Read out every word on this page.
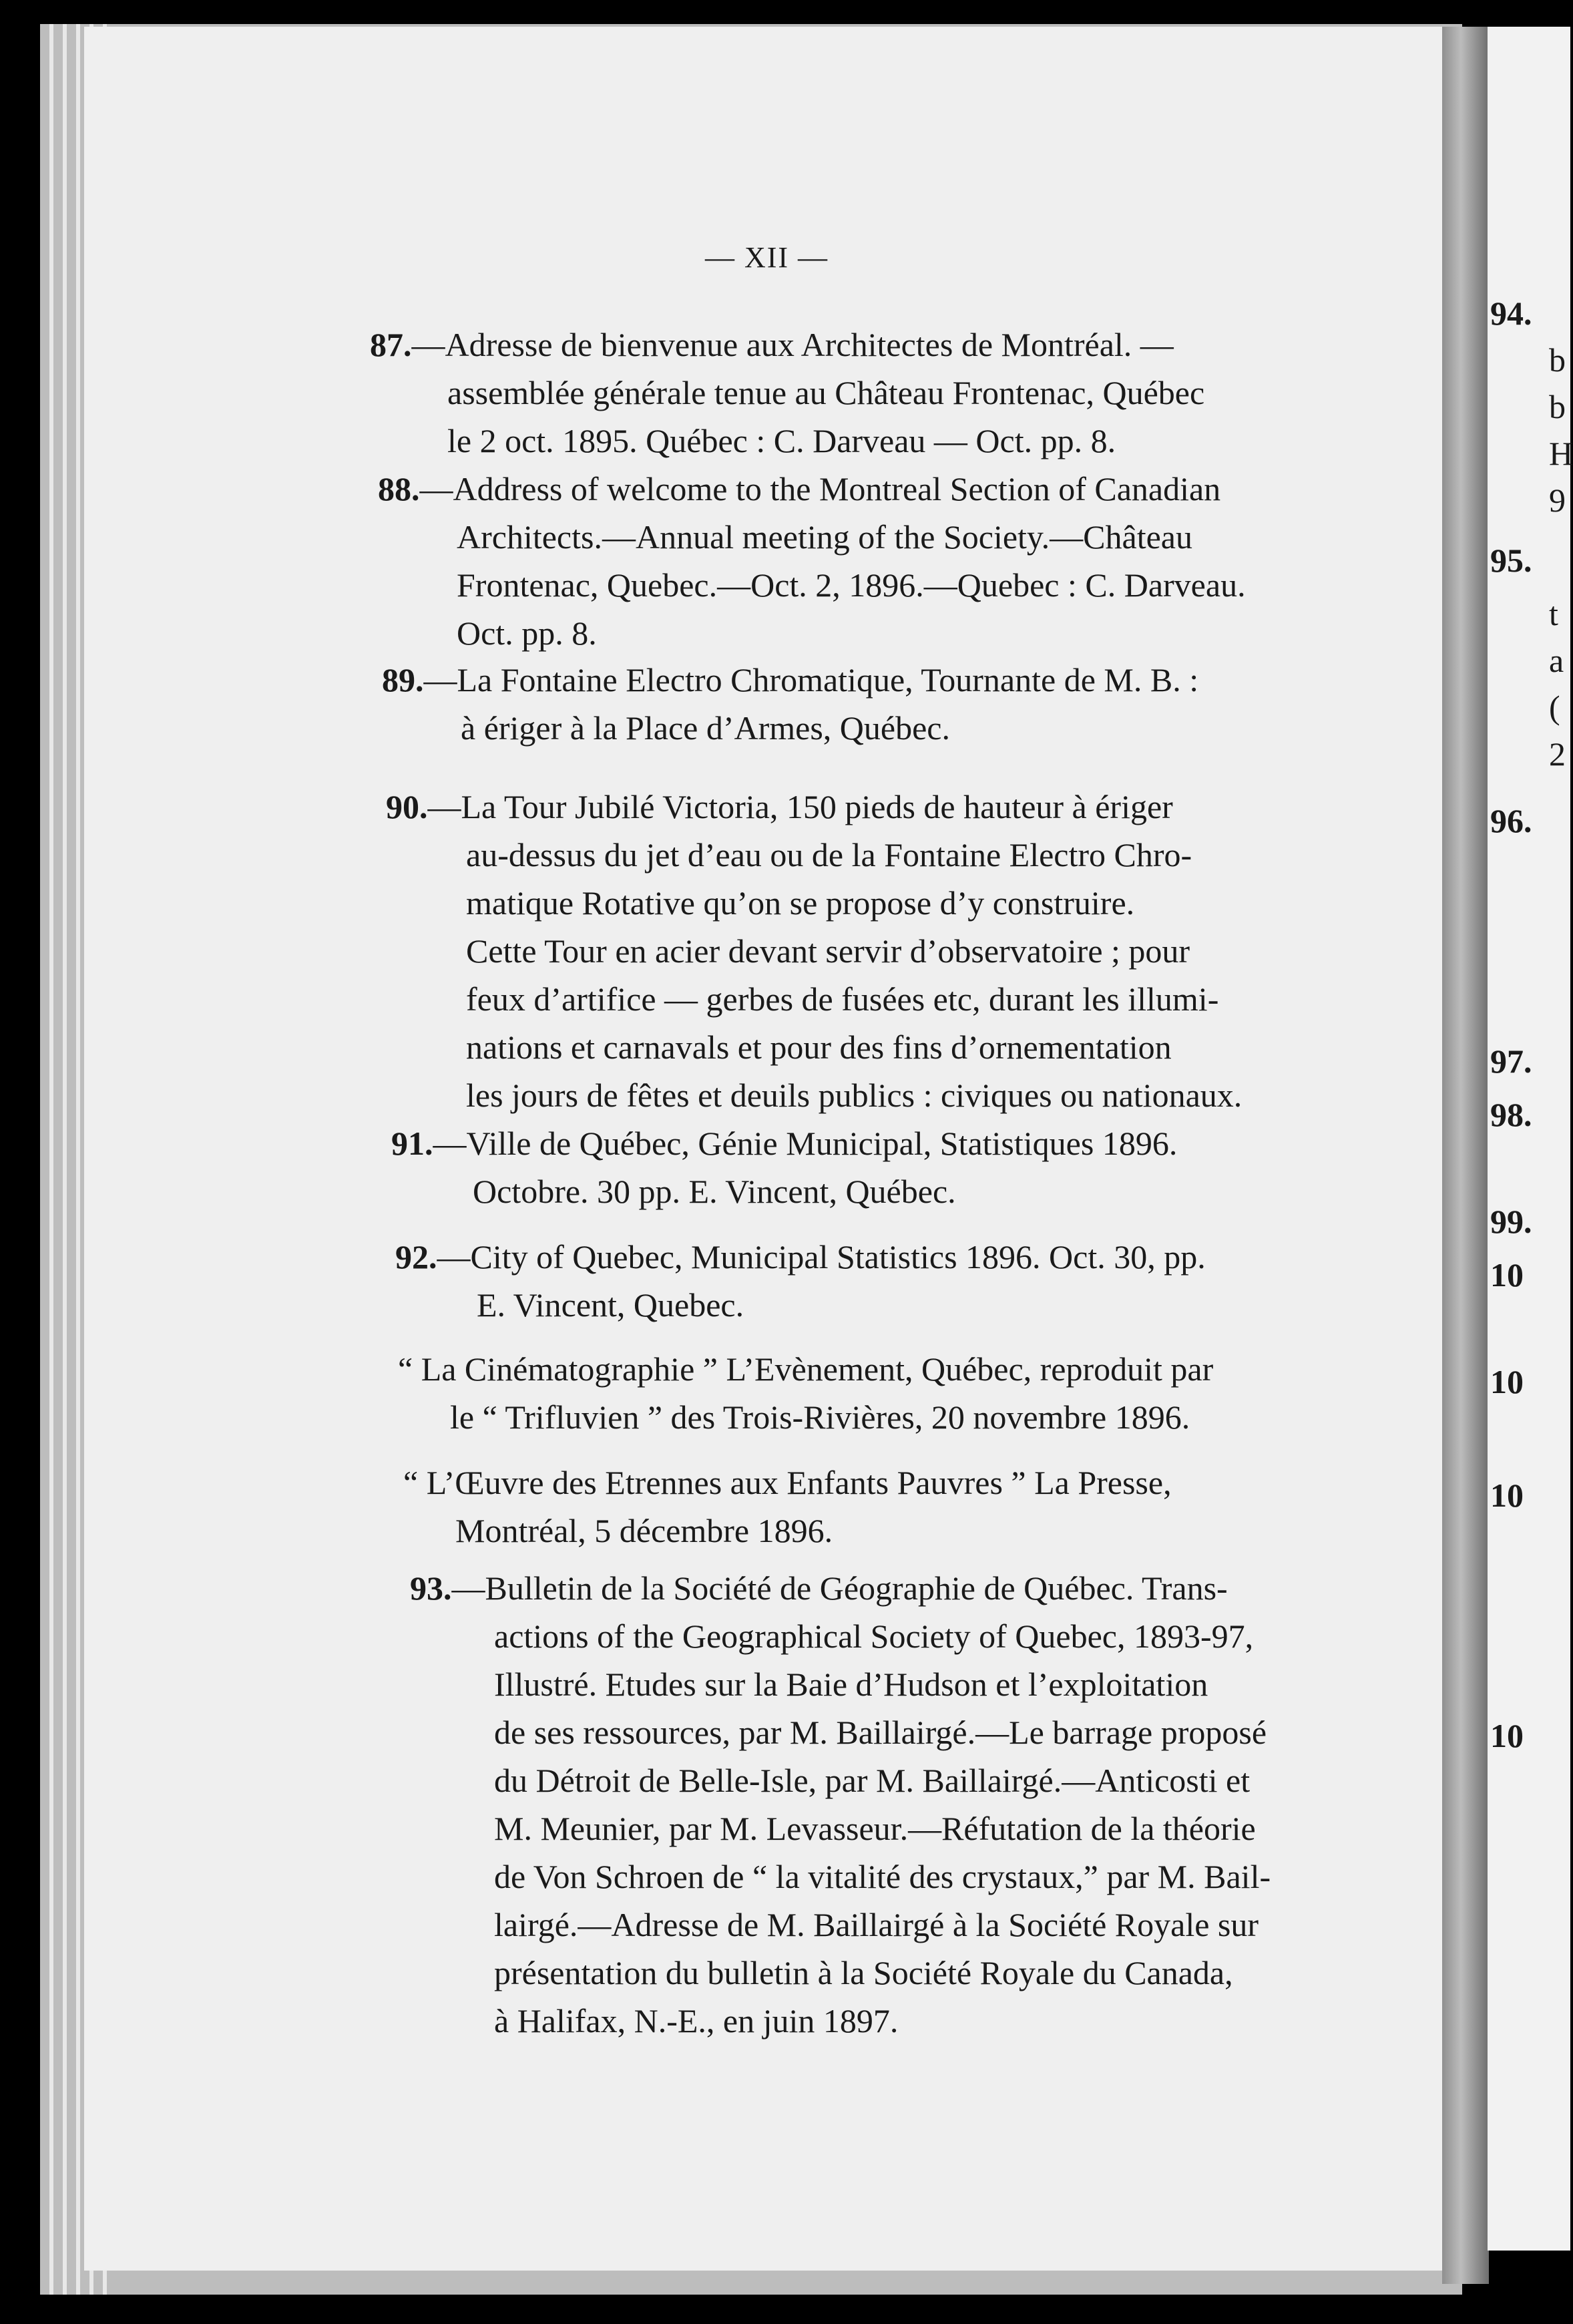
— XII —
87.—Adresse de bienvenue aux Architectes de Montréal. —
assemblée générale tenue au Château Frontenac, Québec
le 2 oct. 1895. Québec : C. Darveau — Oct. pp. 8.
88.—Address of welcome to the Montreal Section of Canadian
Architects.—Annual meeting of the Society.—Château
Frontenac, Quebec.—Oct. 2, 1896.—Quebec : C. Darveau.
Oct. pp. 8.
89.—La Fontaine Electro Chromatique, Tournante de M. B. :
à ériger à la Place d’Armes, Québec.
90.—La Tour Jubilé Victoria, 150 pieds de hauteur à ériger
au-dessus du jet d’eau ou de la Fontaine Electro Chro-
matique Rotative qu’on se propose d’y construire.
Cette Tour en acier devant servir d’observatoire ; pour
feux d’artifice — gerbes de fusées etc, durant les illumi-
nations et carnavals et pour des fins d’ornementation
les jours de fêtes et deuils publics : civiques ou nationaux.
91.—Ville de Québec, Génie Municipal, Statistiques 1896.
Octobre. 30 pp. E. Vincent, Québec.
92.—City of Quebec, Municipal Statistics 1896. Oct. 30, pp.
E. Vincent, Quebec.
“ La Cinématographie ” L’Evènement, Québec, reproduit par
le “ Trifluvien ” des Trois-Rivières, 20 novembre 1896.
“ L’Œuvre des Etrennes aux Enfants Pauvres ” La Presse,
Montréal, 5 décembre 1896.
93.—Bulletin de la Société de Géographie de Québec. Trans-
actions of the Geographical Society of Quebec, 1893-97,
Illustré. Etudes sur la Baie d’Hudson et l’exploitation
de ses ressources, par M. Baillairgé.—Le barrage proposé
du Détroit de Belle-Isle, par M. Baillairgé.—Anticosti et
M. Meunier, par M. Levasseur.—Réfutation de la théorie
de Von Schroen de “ la vitalité des crystaux,” par M. Bail-
lairgé.—Adresse de M. Baillairgé à la Société Royale sur
présentation du bulletin à la Société Royale du Canada,
à Halifax, N.-E., en juin 1897.
94.
95.
96.
97.
98.
99.
10
10
10
10
b
b
H
9
t
a
(
2
